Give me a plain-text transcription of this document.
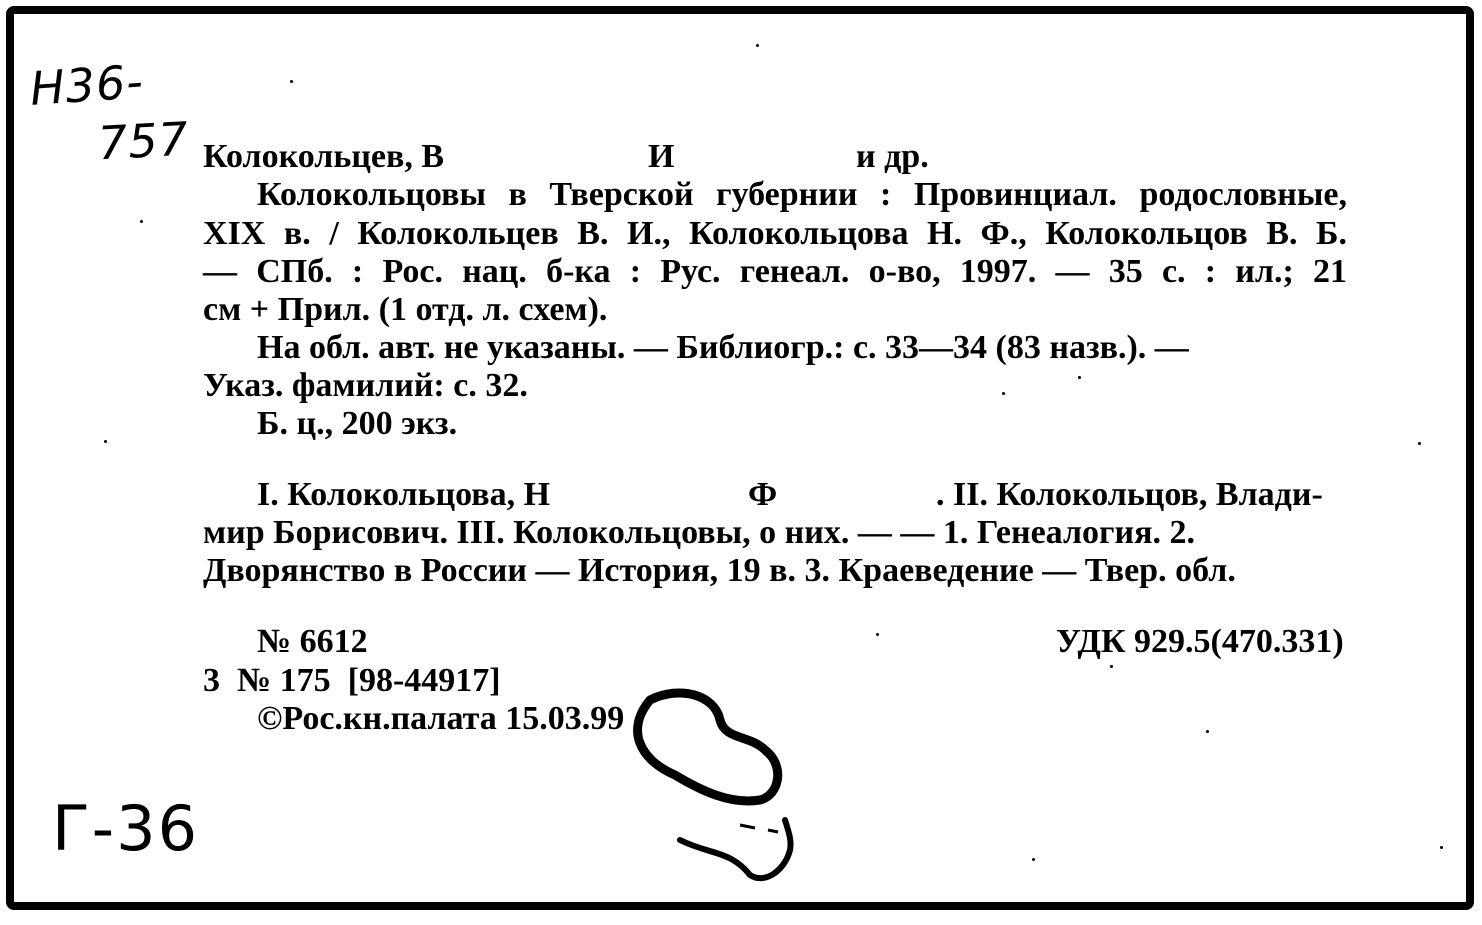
Н36-
757
Г-36
Колокольцев, В	И	и др.
Колокольцовы в Тверской губернии : Провинциал. родословные,
XIX в. / Колокольцев В. И., Колокольцова Н. Ф., Колокольцов В. Б.
— СПб. : Рос. нац. б-ка : Рус. генеал. о-во, 1997. — 35 с. : ил.; 21
см + Прил. (1 отд. л. схем).
На обл. авт. не указаны. — Библиогр.: с. 33—34 (83 назв.). —
Указ. фамилий: с. 32.
Б. ц., 200 экз.
I. Колокольцова, Н	Ф	. II. Колокольцов, Влади-
мир Борисович. III. Колокольцовы, о них. — — 1. Генеалогия. 2.
Дворянство в России — История, 19 в. 3. Краеведение — Твер. обл.
№ 6612	УДК 929.5(470.331)
3  № 175  [98-44917]
©Рос.кн.палата 15.03.99
